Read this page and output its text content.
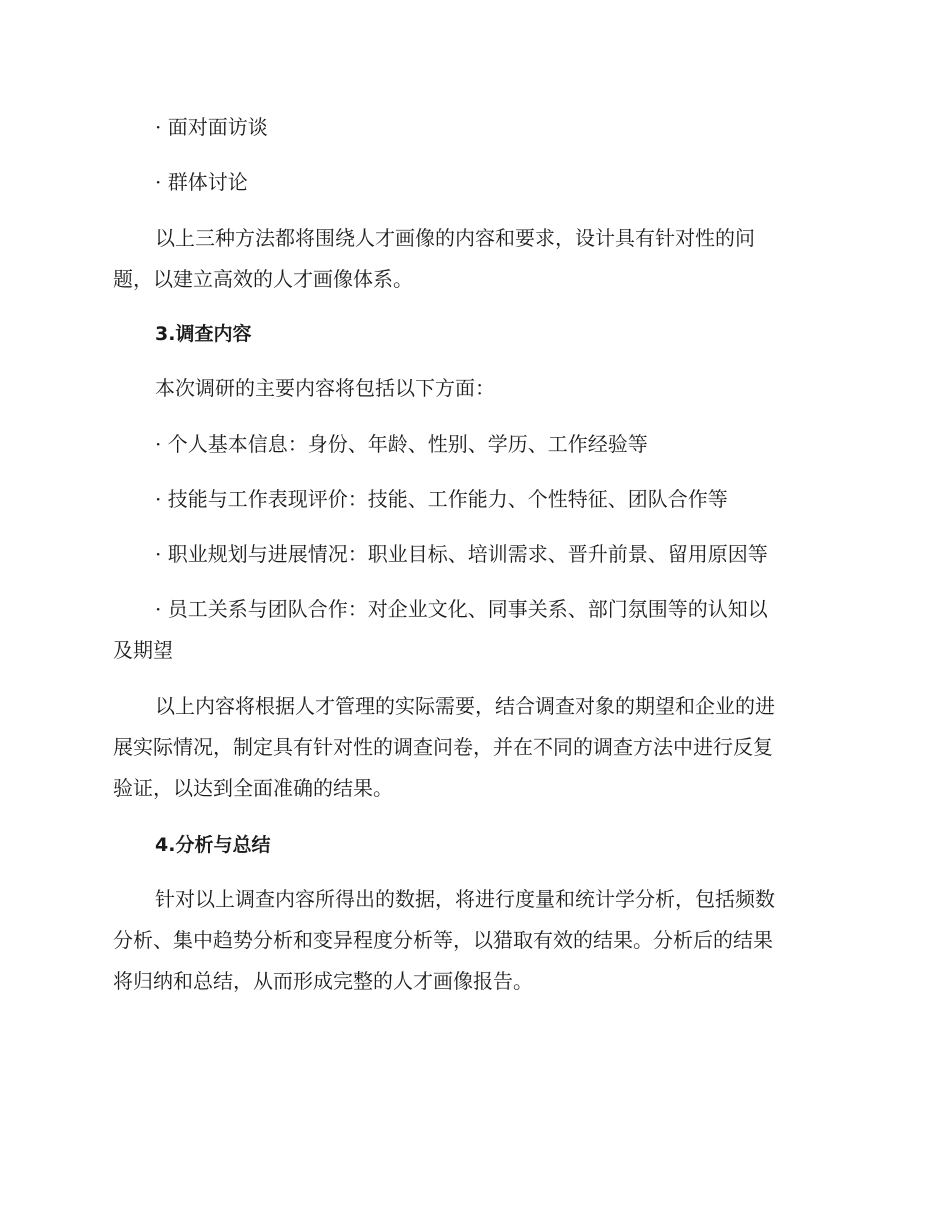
· 面对面访谈

· 群体讨论

以上三种方法都将围绕人才画像的内容和要求，设计具有针对性的问

题，以建立高效的人才画像体系。

3.调查内容

本次调研的主要内容将包括以下方面：

· 个人基本信息：身份、年龄、性别、学历、工作经验等

· 技能与工作表现评价：技能、工作能力、个性特征、团队合作等

· 职业规划与进展情况：职业目标、培训需求、晋升前景、留用原因等

· 员工关系与团队合作：对企业文化、同事关系、部门氛围等的认知以

及期望

以上内容将根据人才管理的实际需要，结合调查对象的期望和企业的进

展实际情况，制定具有针对性的调查问卷，并在不同的调查方法中进行反复

验证，以达到全面准确的结果。

4.分析与总结

针对以上调查内容所得出的数据，将进行度量和统计学分析，包括频数

分析、集中趋势分析和变异程度分析等，以猎取有效的结果。分析后的结果

将归纳和总结，从而形成完整的人才画像报告。
